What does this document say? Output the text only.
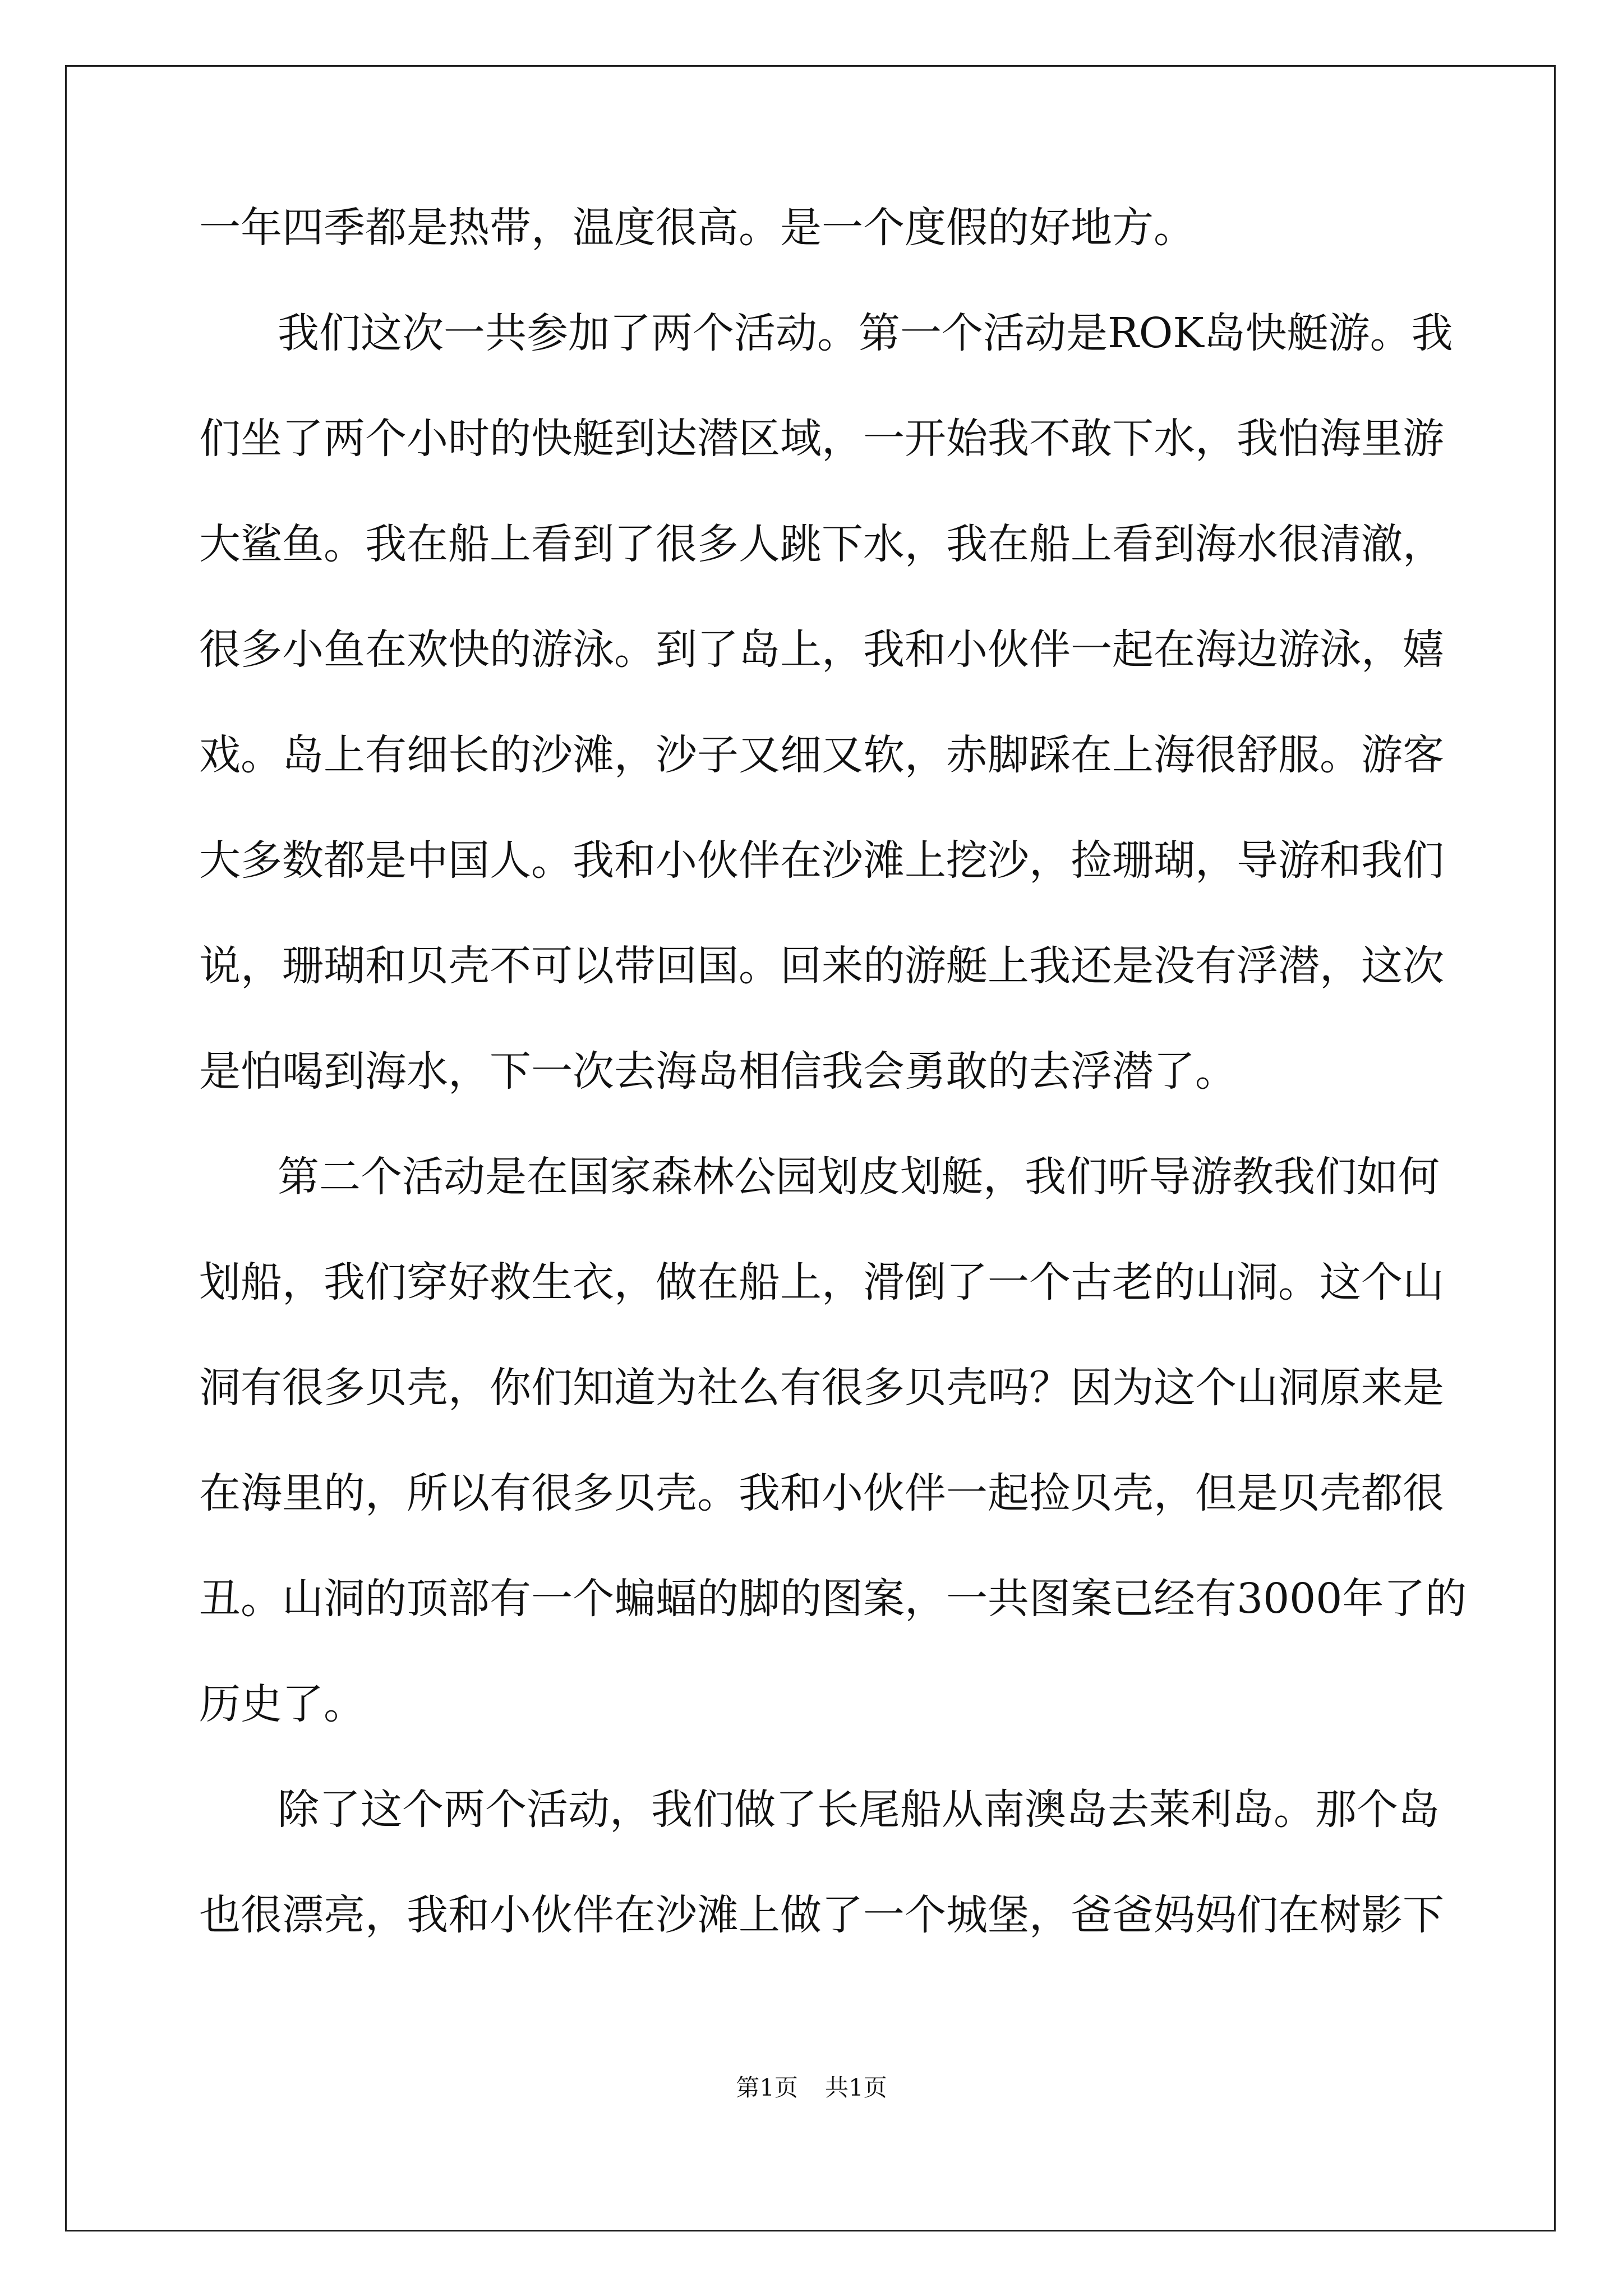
一年四季都是热带，温度很高。是一个度假的好地方。
我们这次一共参加了两个活动。第一个活动是ROK岛快艇游。我
们坐了两个小时的快艇到达潜区域，一开始我不敢下水，我怕海里游
大鲨鱼。我在船上看到了很多人跳下水，我在船上看到海水很清澈，
很多小鱼在欢快的游泳。到了岛上，我和小伙伴一起在海边游泳，嬉
戏。岛上有细长的沙滩，沙子又细又软，赤脚踩在上海很舒服。游客
大多数都是中国人。我和小伙伴在沙滩上挖沙，捡珊瑚，导游和我们
说，珊瑚和贝壳不可以带回国。回来的游艇上我还是没有浮潜，这次
是怕喝到海水，下一次去海岛相信我会勇敢的去浮潜了。
第二个活动是在国家森林公园划皮划艇，我们听导游教我们如何
划船，我们穿好救生衣，做在船上，滑倒了一个古老的山洞。这个山
洞有很多贝壳，你们知道为社么有很多贝壳吗？因为这个山洞原来是
在海里的，所以有很多贝壳。我和小伙伴一起捡贝壳，但是贝壳都很
丑。山洞的顶部有一个蝙蝠的脚的图案，一共图案已经有3000年了的
历史了。
除了这个两个活动，我们做了长尾船从南澳岛去莱利岛。那个岛
也很漂亮，我和小伙伴在沙滩上做了一个城堡，爸爸妈妈们在树影下
第1页 共1页
